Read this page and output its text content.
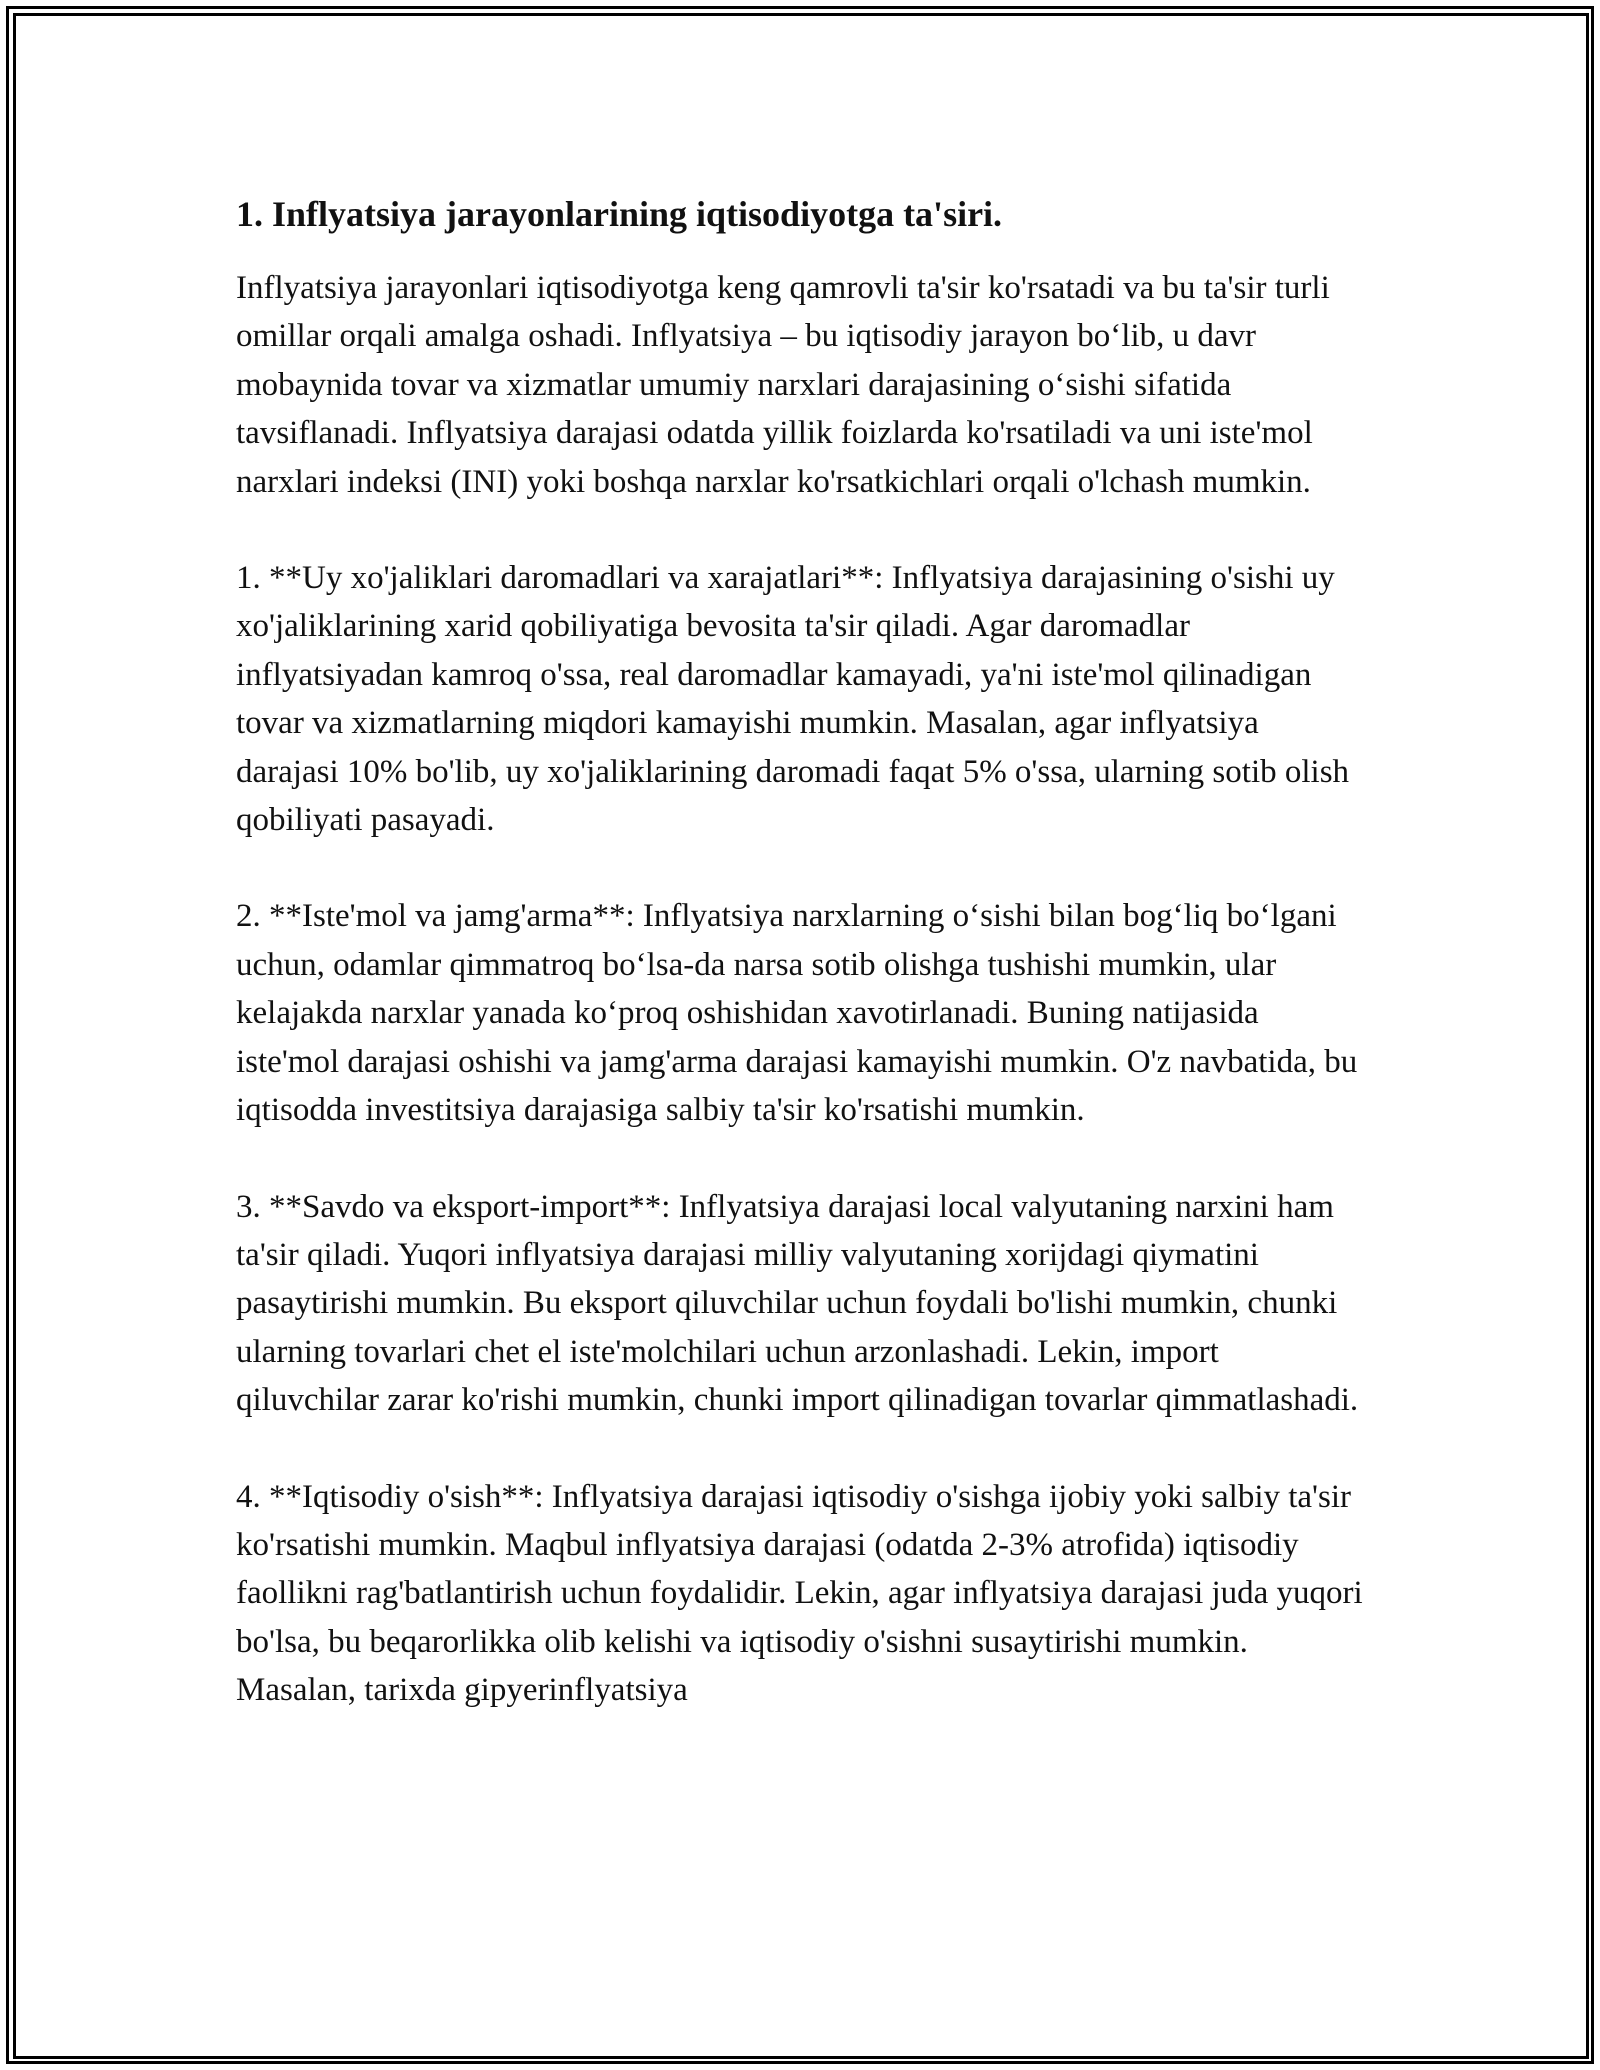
1. Inflyatsiya jarayonlarining iqtisodiyotga ta'siri.

Inflyatsiya jarayonlari iqtisodiyotga keng qamrovli ta'sir ko'rsatadi va bu ta'sir turli omillar orqali amalga oshadi. Inflyatsiya – bu iqtisodiy jarayon bo‘lib, u davr mobaynida tovar va xizmatlar umumiy narxlari darajasining o‘sishi sifatida tavsiflanadi. Inflyatsiya darajasi odatda yillik foizlarda ko'rsatiladi va uni iste'mol narxlari indeksi (INI) yoki boshqa narxlar ko'rsatkichlari orqali o'lchash mumkin.

1. **Uy xo'jaliklari daromadlari va xarajatlari**: Inflyatsiya darajasining o'sishi uy xo'jaliklarining xarid qobiliyatiga bevosita ta'sir qiladi. Agar daromadlar inflyatsiyadan kamroq o'ssa, real daromadlar kamayadi, ya'ni iste'mol qilinadigan tovar va xizmatlarning miqdori kamayishi mumkin. Masalan, agar inflyatsiya darajasi 10% bo'lib, uy xo'jaliklarining daromadi faqat 5% o'ssa, ularning sotib olish qobiliyati pasayadi.

2. **Iste'mol va jamg'arma**: Inflyatsiya narxlarning o‘sishi bilan bog‘liq bo‘lgani uchun, odamlar qimmatroq bo‘lsa-da narsa sotib olishga tushishi mumkin, ular kelajakda narxlar yanada ko‘proq oshishidan xavotirlanadi. Buning natijasida iste'mol darajasi oshishi va jamg'arma darajasi kamayishi mumkin. O'z navbatida, bu iqtisodda investitsiya darajasiga salbiy ta'sir ko'rsatishi mumkin.

3. **Savdo va eksport-import**: Inflyatsiya darajasi local valyutaning narxini ham ta'sir qiladi. Yuqori inflyatsiya darajasi milliy valyutaning xorijdagi qiymatini pasaytirishi mumkin. Bu eksport qiluvchilar uchun foydali bo'lishi mumkin, chunki ularning tovarlari chet el iste'molchilari uchun arzonlashadi. Lekin, import qiluvchilar zarar ko'rishi mumkin, chunki import qilinadigan tovarlar qimmatlashadi.

4. **Iqtisodiy o'sish**: Inflyatsiya darajasi iqtisodiy o'sishga ijobiy yoki salbiy ta'sir ko'rsatishi mumkin. Maqbul inflyatsiya darajasi (odatda 2-3% atrofida) iqtisodiy faollikni rag'batlantirish uchun foydalidir. Lekin, agar inflyatsiya darajasi juda yuqori bo'lsa, bu beqarorlikka olib kelishi va iqtisodiy o'sishni susaytirishi mumkin. Masalan, tarixda gipyerinflyatsiya
